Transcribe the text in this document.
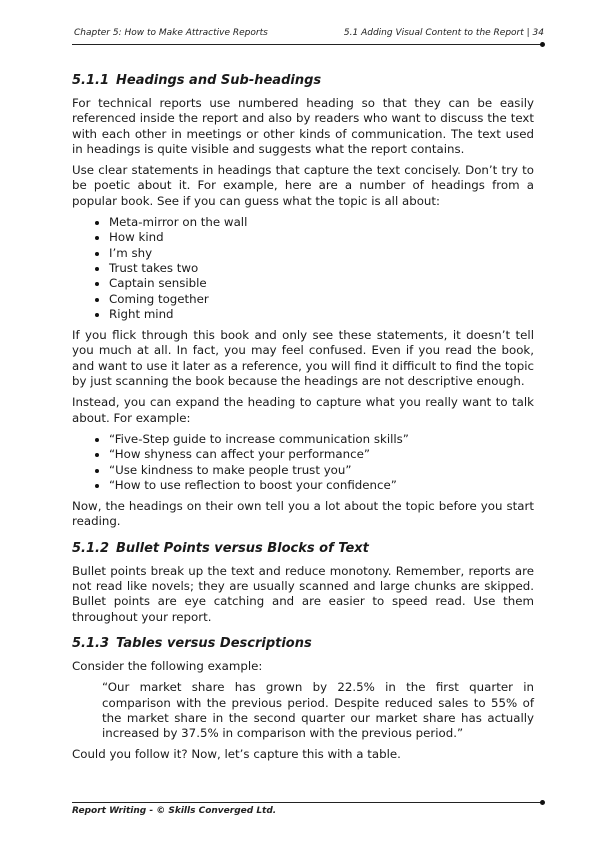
Chapter 5: How to Make Attractive Reports	5.1 Adding Visual Content to the Report | 34
5.1.1 Headings and Sub-headings

For technical reports use numbered heading so that they can be easily referenced inside the report and also by readers who want to discuss the text with each other in meetings or other kinds of communication. The text used in headings is quite visible and suggests what the report contains.

Use clear statements in headings that capture the text concisely. Don’t try to be poetic about it. For example, here are a number of headings from a popular book. See if you can guess what the topic is all about:

Meta-mirror on the wall
How kind
I’m shy
Trust takes two
Captain sensible
Coming together
Right mind

If you flick through this book and only see these statements, it doesn’t tell you much at all. In fact, you may feel confused. Even if you read the book, and want to use it later as a reference, you will find it difficult to find the topic by just scanning the book because the headings are not descriptive enough.

Instead, you can expand the heading to capture what you really want to talk about. For example:

“Five-Step guide to increase communication skills”
“How shyness can affect your performance”
“Use kindness to make people trust you”
“How to use reflection to boost your confidence”

Now, the headings on their own tell you a lot about the topic before you start reading.

5.1.2 Bullet Points versus Blocks of Text

Bullet points break up the text and reduce monotony. Remember, reports are not read like novels; they are usually scanned and large chunks are skipped. Bullet points are eye catching and are easier to speed read. Use them throughout your report.

5.1.3 Tables versus Descriptions

Consider the following example:

“Our market share has grown by 22.5% in the first quarter in comparison with the previous period. Despite reduced sales to 55% of the market share in the second quarter our market share has actually increased by 37.5% in comparison with the previous period.”

Could you follow it? Now, let’s capture this with a table.

Report Writing - © Skills Converged Ltd.
